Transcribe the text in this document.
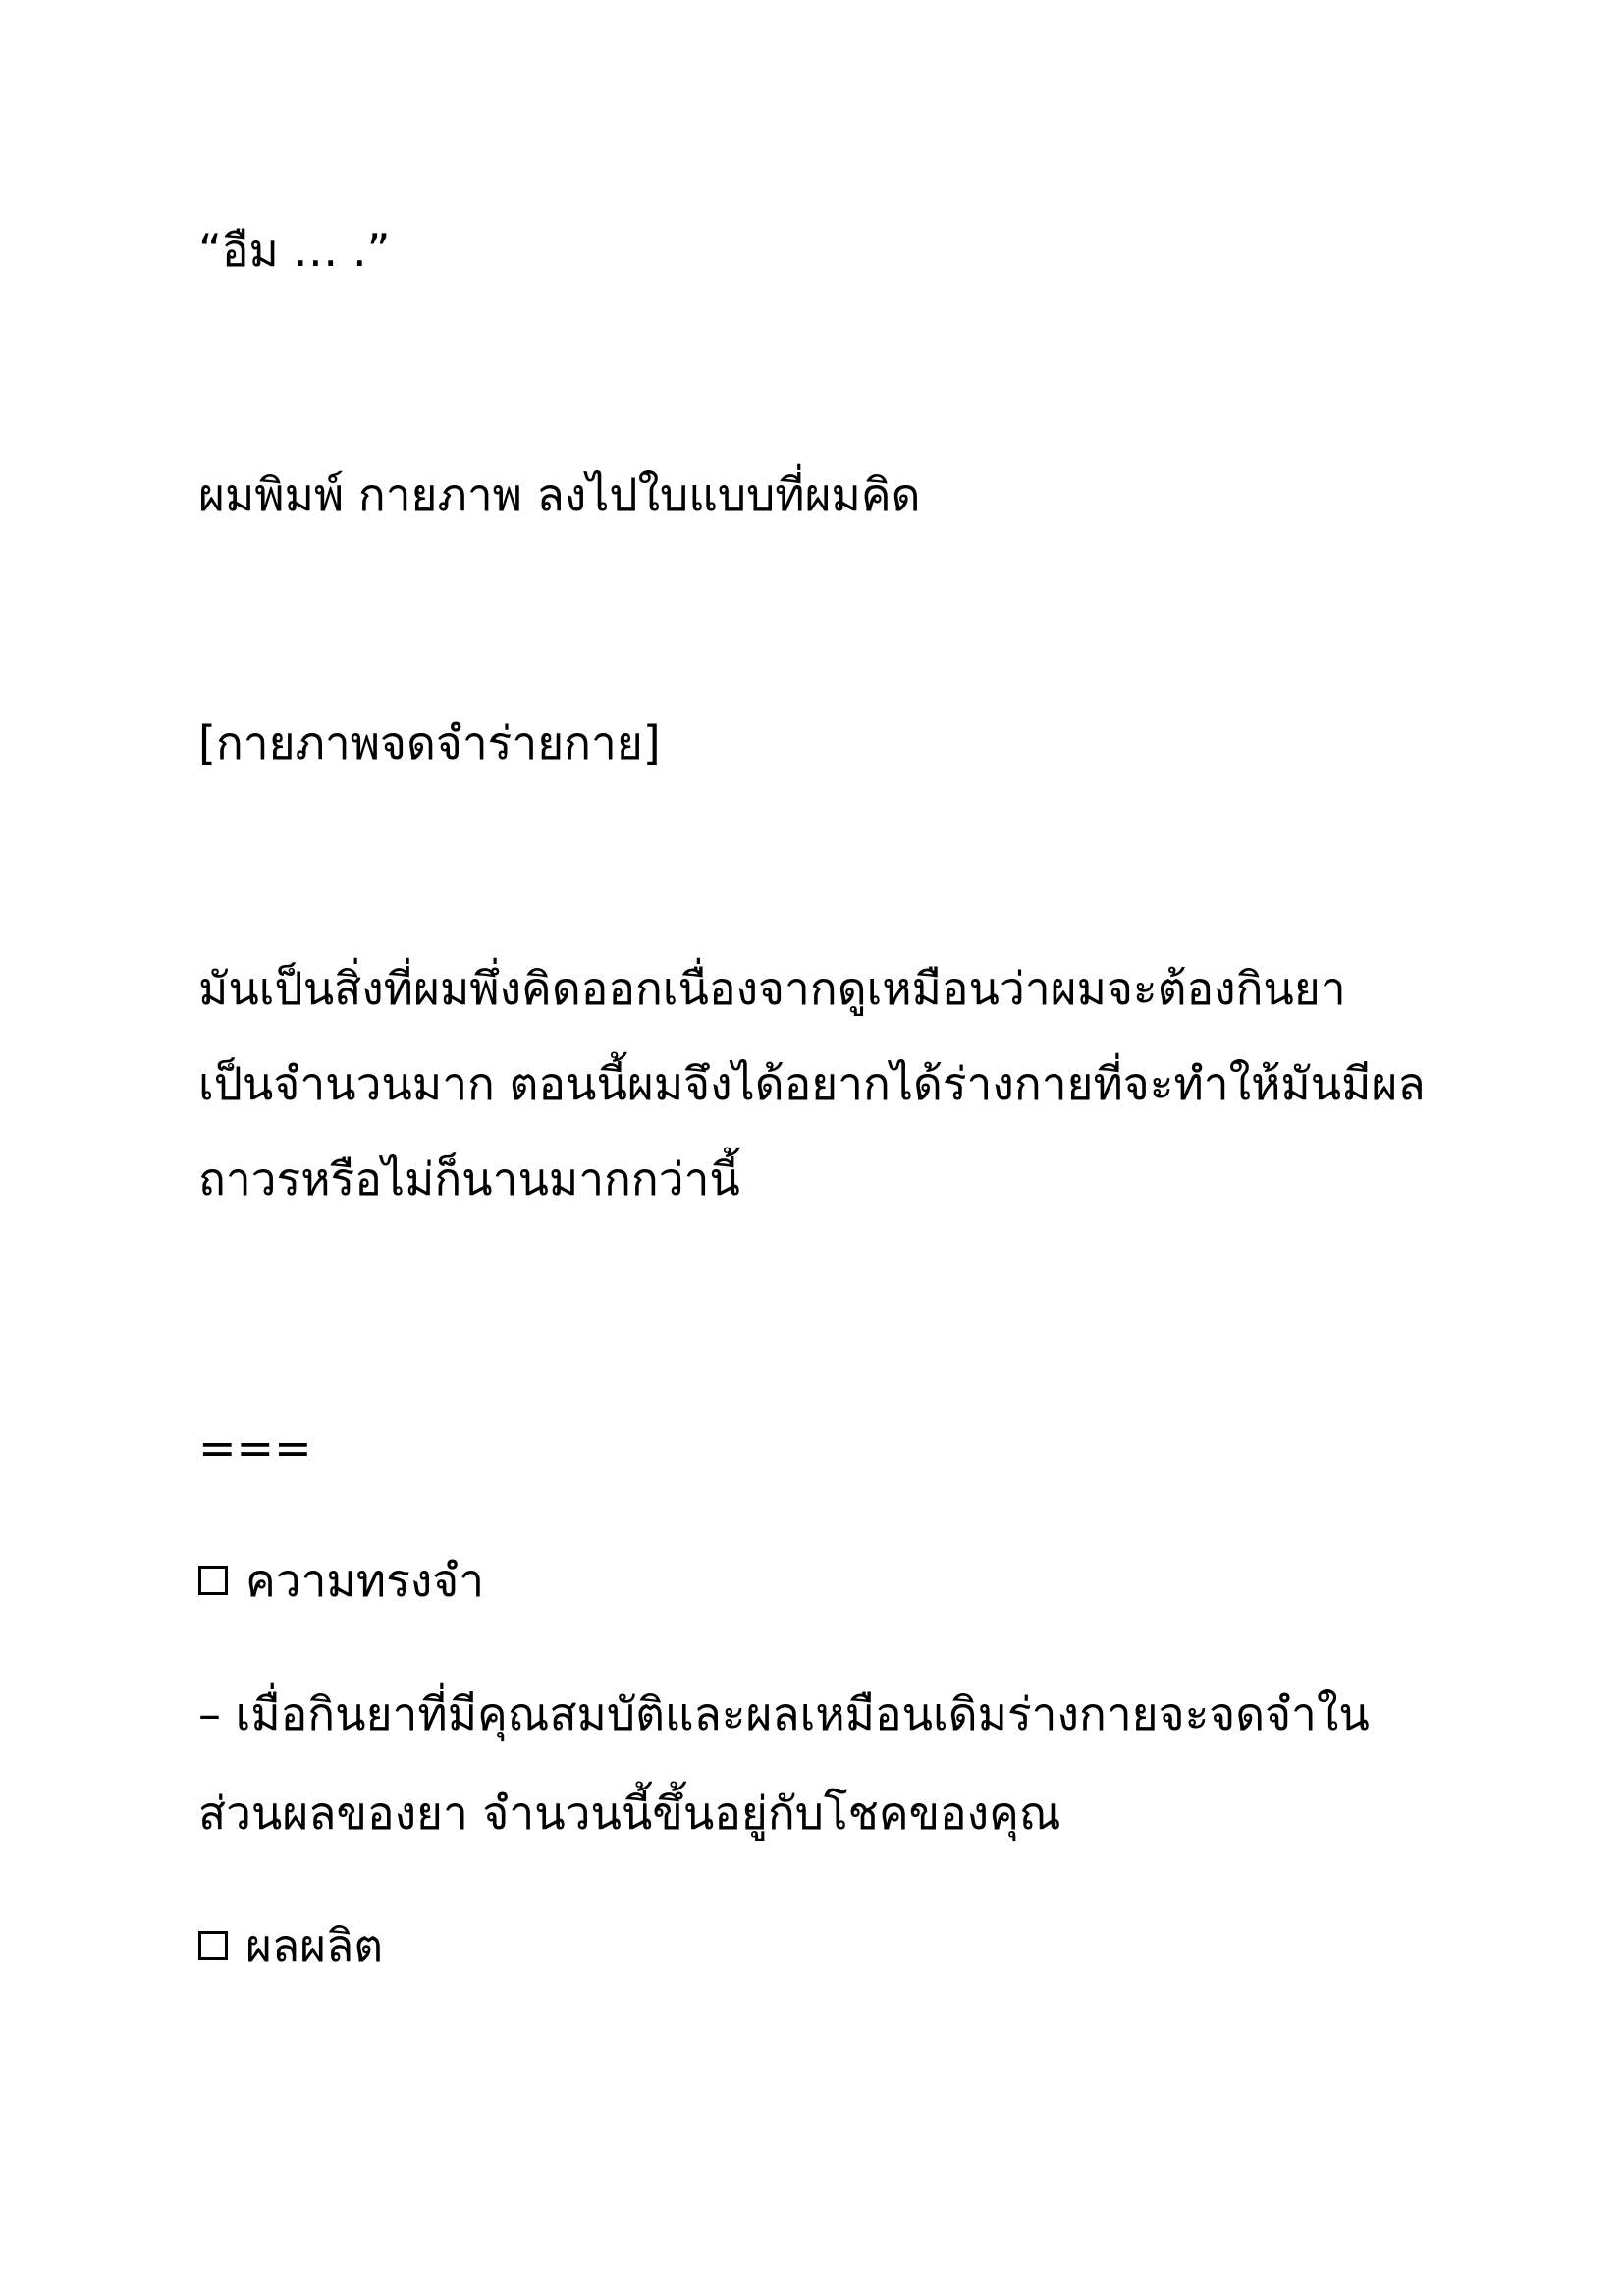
“อืม … .”
ผมพิมพ์ กายภาพ ลงไปใบแบบที่ผมคิด
[กายภาพจดจำร่ายกาย]

มันเป็นสิ่งที่ผมพึ่งคิดออกเนื่องจากดูเหมือนว่าผมจะต้องกินยา

เป็นจำนวนมาก ตอนนี้ผมจึงได้อยากได้ร่างกายที่จะทำให้มันมีผล

ถาวรหรือไม่ก็นานมากกว่านี้

===
ความทรงจำ

– เมื่อกินยาที่มีคุณสมบัติและผลเหมือนเดิมร่างกายจะจดจำใน

ส่วนผลของยา จำนวนนี้ขึ้นอยู่กับโชคของคุณ

ผลผลิต
